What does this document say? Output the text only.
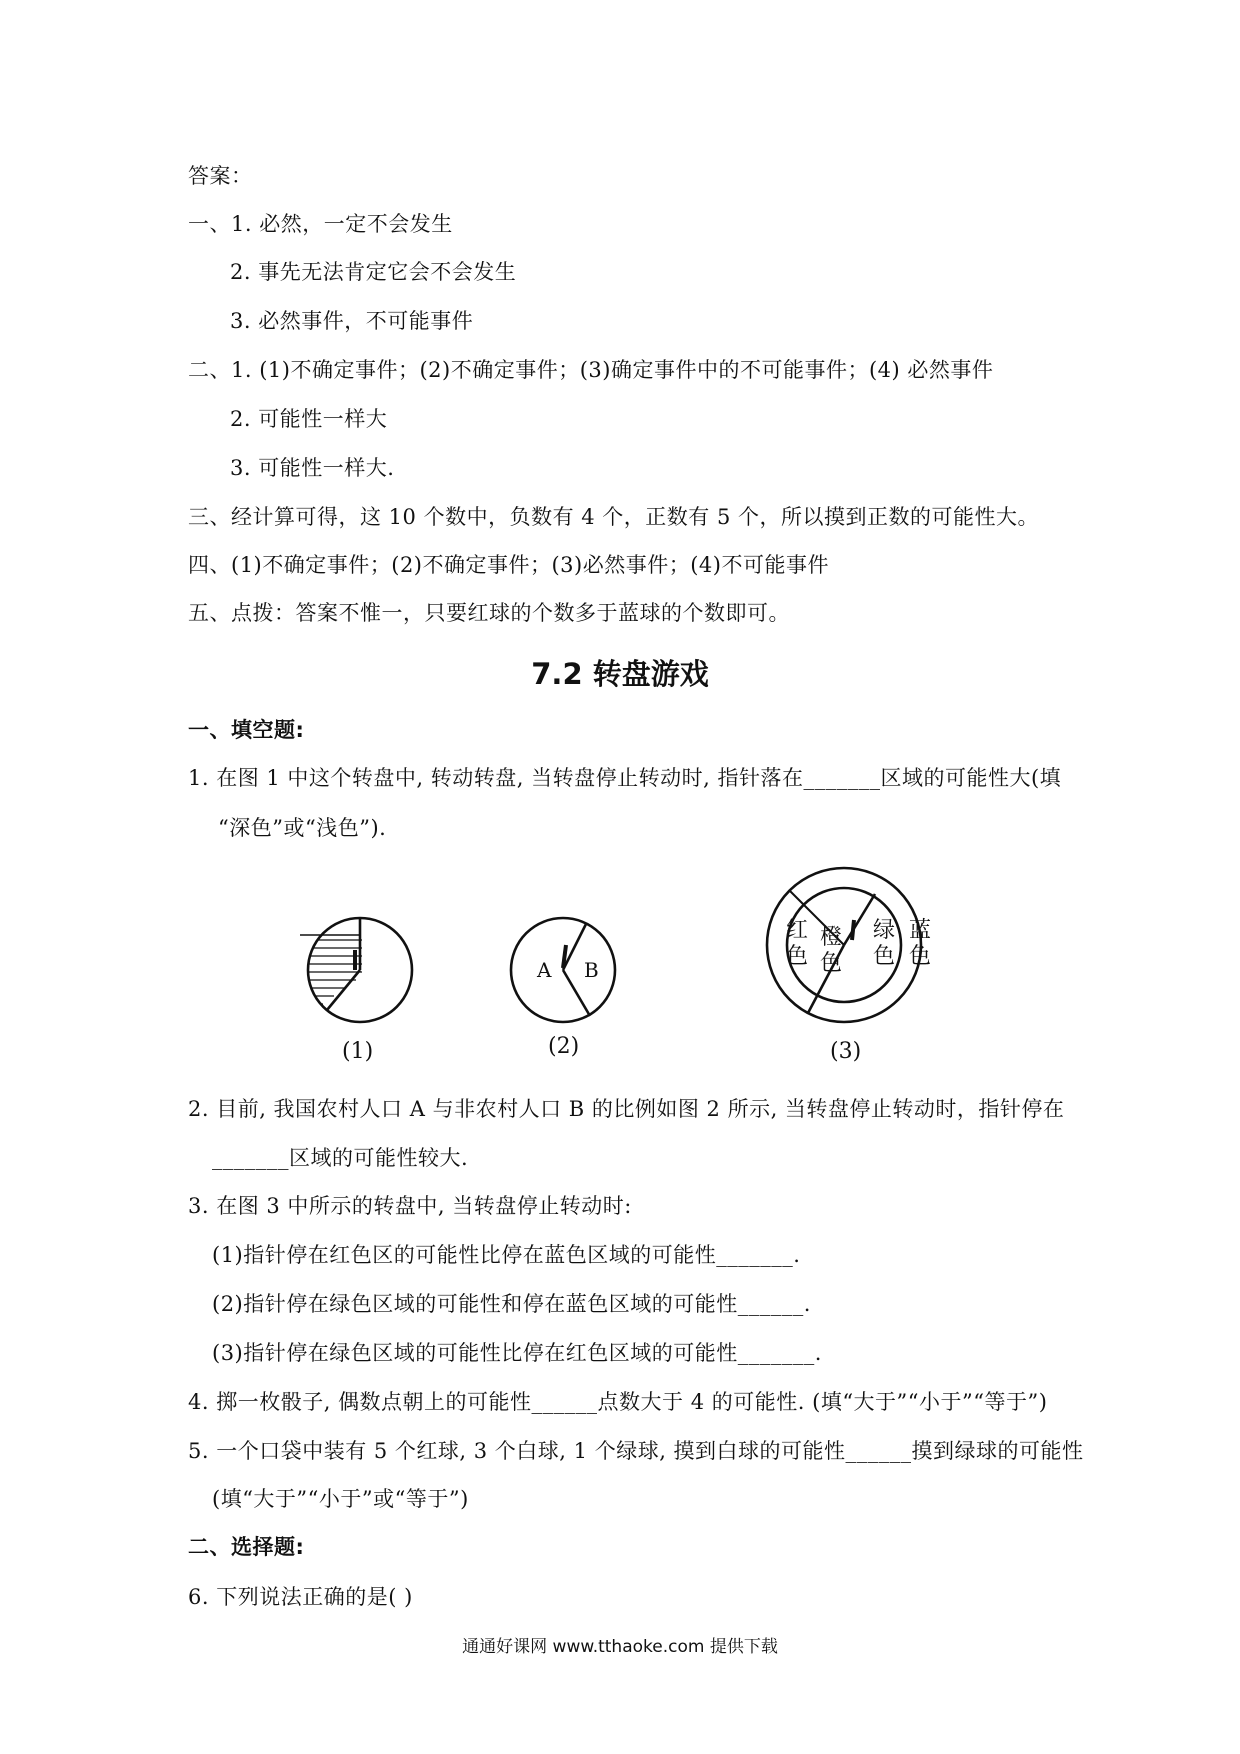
答案：
一、1. 必然，一定不会发生
2. 事先无法肯定它会不会发生
3. 必然事件，不可能事件
二、1. (1)不确定事件；(2)不确定事件；(3)确定事件中的不可能事件；(4) 必然事件
2. 可能性一样大
3. 可能性一样大.
三、经计算可得，这 10 个数中，负数有 4 个，正数有 5 个，所以摸到正数的可能性大。
四、(1)不确定事件；(2)不确定事件；(3)必然事件；(4)不可能事件
五、点拨：答案不惟一，只要红球的个数多于蓝球的个数即可。
7.2 转盘游戏
一、填空题:
1. 在图 1 中这个转盘中, 转动转盘, 当转盘停止转动时, 指针落在_______区域的可能性大(填
“深色”或“浅色”).
A B
红色
橙色
绿色
蓝色
(1)	(2)	(3)
2. 目前, 我国农村人口 A 与非农村人口 B 的比例如图 2 所示, 当转盘停止转动时，指针停在
_______区域的可能性较大.
3. 在图 3 中所示的转盘中, 当转盘停止转动时:
(1)指针停在红色区的可能性比停在蓝色区域的可能性_______.
(2)指针停在绿色区域的可能性和停在蓝色区域的可能性______.
(3)指针停在绿色区域的可能性比停在红色区域的可能性_______.
4. 掷一枚骰子, 偶数点朝上的可能性______点数大于 4 的可能性. (填“大于”“小于”“等于”)
5. 一个口袋中装有 5 个红球, 3 个白球, 1 个绿球, 摸到白球的可能性______摸到绿球的可能性
(填“大于”“小于”或“等于”)
二、选择题:
6. 下列说法正确的是( )
通通好课网 www.tthaoke.com 提供下载
